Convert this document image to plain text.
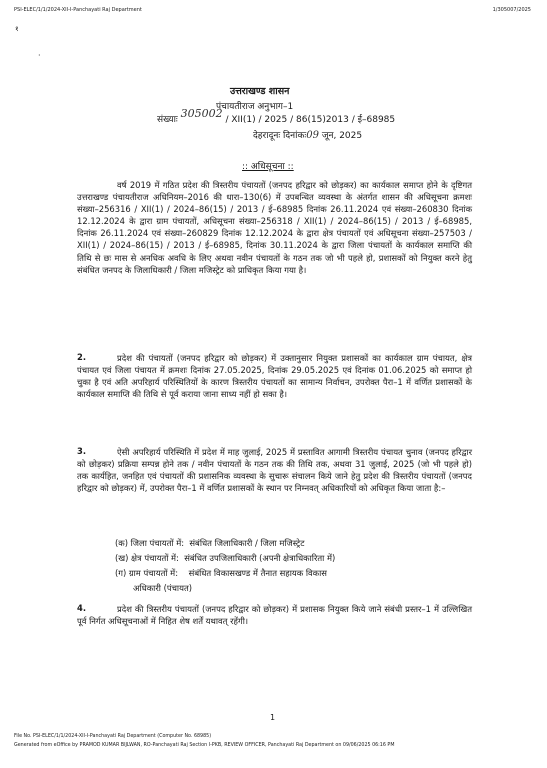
PSI-ELEC/1/1/2024-XII-I-Panchayati Raj Department	1/305007/2025
१
·
उत्तराखण्ड शासन
पंचायतीराज अनुभाग–1
संख्याः 305002 / XII(1) / 2025 / 86(15)2013 / ई–68985
देहरादूनः दिनांकः09 जून, 2025
:: अधिसूचना ::
वर्ष 2019 में गठित प्रदेश की त्रिस्तरीय पंचायतों (जनपद हरिद्वार को छोड़कर) का कार्यकाल समाप्त होने के दृष्टिगत उत्तराखण्ड पंचायतीराज अधिनियम–2016 की धारा–130(6) में उपबन्धित व्यवस्था के अंतर्गत शासन की अधिसूचना क्रमशः संख्या–256316 / XII(1) / 2024–86(15) / 2013 / ई–68985 दिनांक 26.11.2024 एवं संख्या–260830 दिनांक 12.12.2024 के द्वारा ग्राम पंचायतों, अधिसूचना संख्या–256318 / XII(1) / 2024–86(15) / 2013 / ई–68985, दिनांक 26.11.2024 एवं संख्या–260829 दिनांक 12.12.2024 के द्वारा क्षेत्र पंचायतों एवं अधिसूचना संख्या–257503 / XII(1) / 2024–86(15) / 2013 / ई–68985, दिनांक 30.11.2024 के द्वारा जिला पंचायतों के कार्यकाल समाप्ति की तिथि से छः मास से अनधिक अवधि के लिए अथवा नवीन पंचायतों के गठन तक जो भी पहले हो, प्रशासकों को नियुक्त करने हेतु संबंधित जनपद के जिलाधिकारी / जिला मजिस्ट्रेट को प्राधिकृत किया गया है।
2.	प्रदेश की पंचायतों (जनपद हरिद्वार को छोड़कर) में उक्तानुसार नियुक्त प्रशासकों का कार्यकाल ग्राम पंचायत, क्षेत्र पंचायत एवं जिला पंचायत में क्रमशः दिनांक 27.05.2025, दिनांक 29.05.2025 एवं दिनांक 01.06.2025 को समाप्त हो चुका है एवं अति अपरिहार्य परिस्थितियों के कारण त्रिस्तरीय पंचायतों का सामान्य निर्वाचन, उपरोक्त पैरा–1 में वर्णित प्रशासकों के कार्यकाल समाप्ति की तिथि से पूर्व कराया जाना साध्य नहीं हो सका है।
3.	ऐसी अपरिहार्य परिस्थिति में प्रदेश में माह जुलाई, 2025 में प्रस्तावित आगामी त्रिस्तरीय पंचायत चुनाव (जनपद हरिद्वार को छोड़कर) प्रक्रिया सम्पन्न होने तक / नवीन पंचायतों के गठन तक की तिथि तक, अथवा 31 जुलाई, 2025 (जो भी पहले हो) तक कार्यहित, जनहित एवं पंचायतों की प्रशासनिक व्यवस्था के सुचारू संचालन किये जाने हेतु प्रदेश की त्रिस्तरीय पंचायतों (जनपद हरिद्वार को छोड़कर) में, उपरोक्त पैरा–1 में वर्णित प्रशासकों के स्थान पर निम्नवत् अधिकारियों को अधिकृत किया जाता है:–
(क) जिला पंचायतों में: संबंधित जिलाधिकारी / जिला मजिस्ट्रेट
(ख) क्षेत्र पंचायतों में: संबंधित उपजिलाधिकारी (अपनी क्षेत्राधिकारिता में)
(ग) ग्राम पंचायतों में: संबंधित विकासखण्ड में तैनात सहायक विकास
अधिकारी (पंचायत)
4.	प्रदेश की त्रिस्तरीय पंचायतों (जनपद हरिद्वार को छोड़कर) में प्रशासक नियुक्त किये जाने संबंधी प्रस्तर–1 में उल्लिखित पूर्व निर्गत अधिसूचनाओं में निहित शेष शर्तें यथावत् रहेंगी।
1
File No. PSI-ELEC/1/1/2024-XII-I-Panchayati Raj Department (Computer No. 68985)
Generated from eOffice by PRAMOD KUMAR BIJLWAN, RO-Panchayati Raj Section I-PKB, REVIEW OFFICER, Panchayati Raj Department on 09/06/2025 06:16 PM
